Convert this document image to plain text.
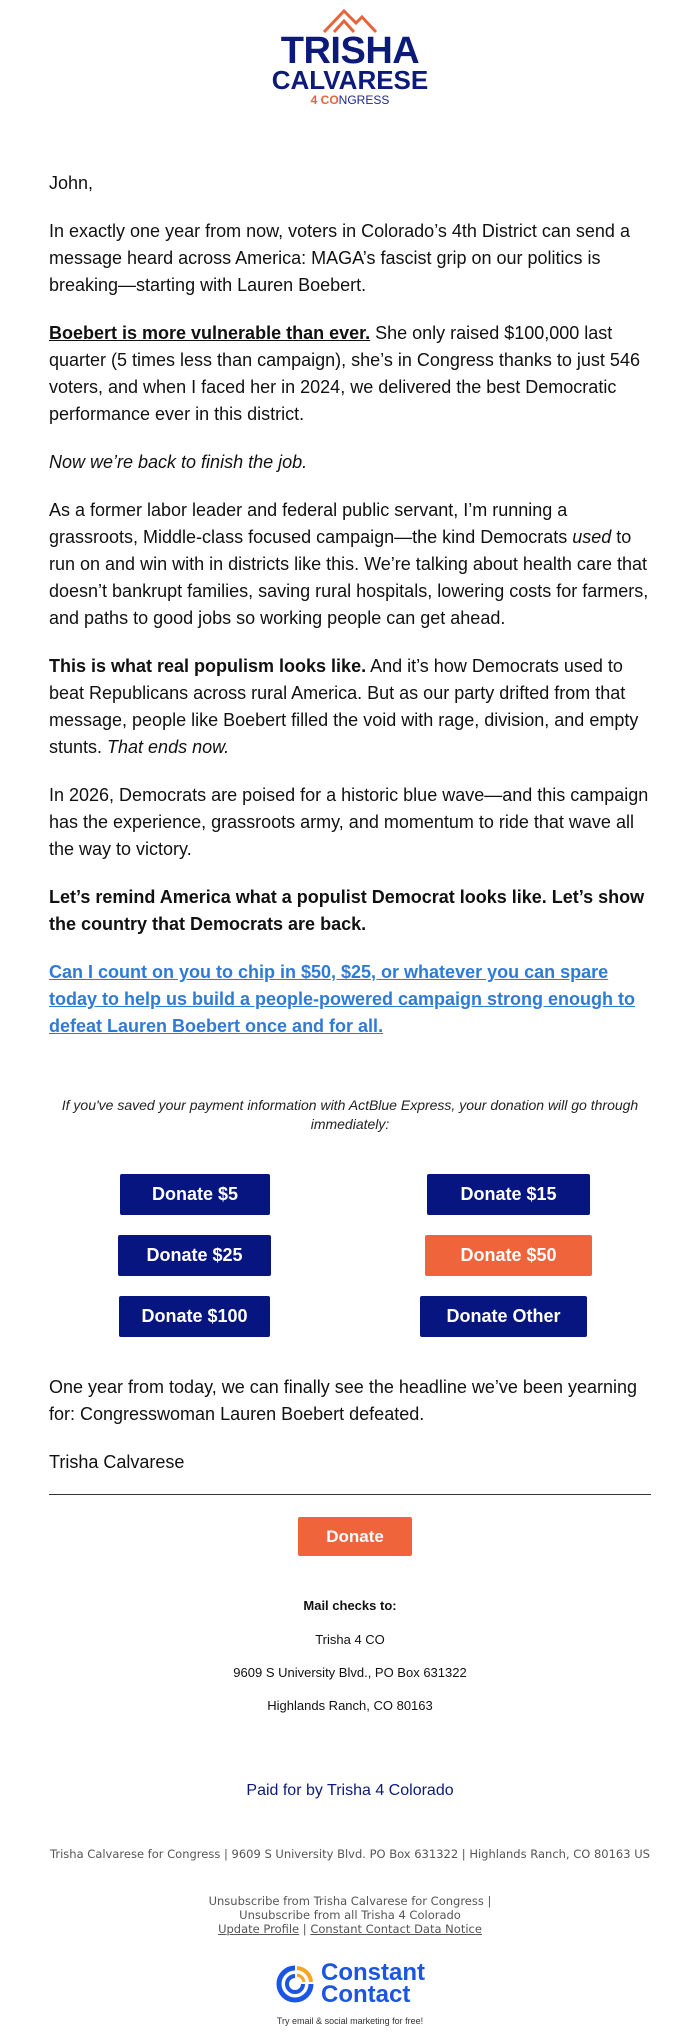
TRISHA
CALVARESE
4 CONGRESS

John,

In exactly one year from now, voters in Colorado’s 4th District can send a message heard across America: MAGA’s fascist grip on our politics is breaking—starting with Lauren Boebert.

Boebert is more vulnerable than ever. She only raised $100,000 last quarter (5 times less than campaign), she’s in Congress thanks to just 546 voters, and when I faced her in 2024, we delivered the best Democratic performance ever in this district.

Now we’re back to finish the job.

As a former labor leader and federal public servant, I’m running a grassroots, Middle-class focused campaign—the kind Democrats used to run on and win with in districts like this. We’re talking about health care that doesn’t bankrupt families, saving rural hospitals, lowering costs for farmers, and paths to good jobs so working people can get ahead.

This is what real populism looks like. And it’s how Democrats used to beat Republicans across rural America. But as our party drifted from that message, people like Boebert filled the void with rage, division, and empty stunts. That ends now.

In 2026, Democrats are poised for a historic blue wave—and this campaign has the experience, grassroots army, and momentum to ride that wave all the way to victory.

Let’s remind America what a populist Democrat looks like. Let’s show the country that Democrats are back.

Can I count on you to chip in $50, $25, or whatever you can spare today to help us build a people-powered campaign strong enough to defeat Lauren Boebert once and for all.

If you've saved your payment information with ActBlue Express, your donation will go through immediately:
Donate $5	Donate $15
Donate $25	Donate $50
Donate $100	Donate Other

One year from today, we can finally see the headline we’ve been yearning for: Congresswoman Lauren Boebert defeated.

Trisha Calvarese

Donate
Mail checks to:
Trisha 4 CO
9609 S University Blvd., PO Box 631322
Highlands Ranch, CO 80163
Paid for by Trisha 4 Colorado
Trisha Calvarese for Congress | 9609 S University Blvd. PO Box 631322 | Highlands Ranch, CO 80163 US
Unsubscribe from Trisha Calvarese for Congress |
Unsubscribe from all Trisha 4 Colorado
Update Profile | Constant Contact Data Notice
Constant
Contact
Try email & social marketing for free!
